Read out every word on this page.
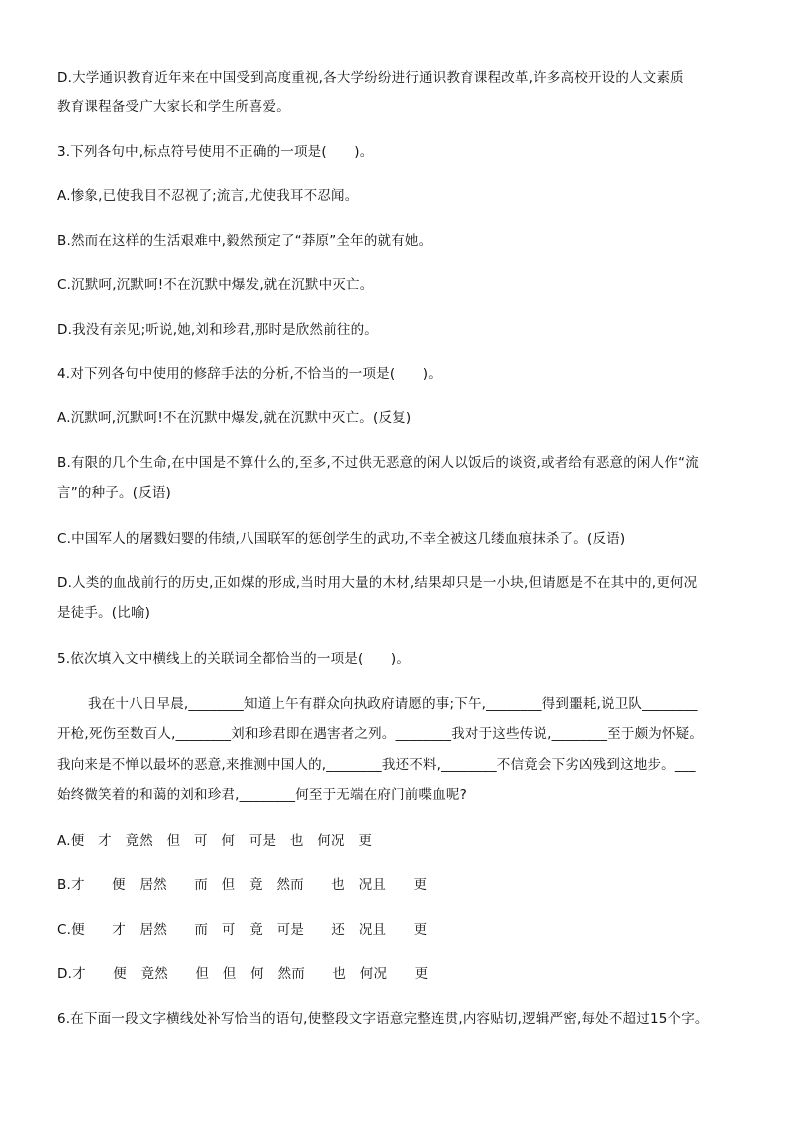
D.大学通识教育近年来在中国受到高度重视,各大学纷纷进行通识教育课程改革,许多高校开设的人文素质
教育课程备受广大家长和学生所喜爱。
3.下列各句中,标点符号使用不正确的一项是(　　)。
A.惨象,已使我目不忍视了;流言,尤使我耳不忍闻。
B.然而在这样的生活艰难中,毅然预定了“莽原”全年的就有她。
C.沉默呵,沉默呵!不在沉默中爆发,就在沉默中灭亡。
D.我没有亲见;听说,她,刘和珍君,那时是欣然前往的。
4.对下列各句中使用的修辞手法的分析,不恰当的一项是(　　)。
A.沉默呵,沉默呵!不在沉默中爆发,就在沉默中灭亡。(反复)
B.有限的几个生命,在中国是不算什么的,至多,不过供无恶意的闲人以饭后的谈资,或者给有恶意的闲人作“流
言”的种子。(反语)
C.中国军人的屠戮妇婴的伟绩,八国联军的惩创学生的武功,不幸全被这几缕血痕抹杀了。(反语)
D.人类的血战前行的历史,正如煤的形成,当时用大量的木材,结果却只是一小块,但请愿是不在其中的,更何况
是徒手。(比喻)
5.依次填入文中横线上的关联词全都恰当的一项是(　　)。
我在十八日早晨,________知道上午有群众向执政府请愿的事;下午,________得到噩耗,说卫队________
开枪,死伤至数百人,________刘和珍君即在遇害者之列。________我对于这些传说,________至于颇为怀疑。
我向来是不惮以最坏的恶意,来推测中国人的,________我还不料,________不信竟会下劣凶残到这地步。___
始终微笑着的和蔼的刘和珍君,________何至于无端在府门前喋血呢?
A.便　才　竟然　但　可　何　可是　也　何况　更
B.才　　便　居然　　而　但　竟　然而　　也　况且　　更
C.便　　才　居然　　而　可　竟　可是　　还　况且　　更
D.才　　便　竟然　　但　但　何　然而　　也　何况　　更
6.在下面一段文字横线处补写恰当的语句,使整段文字语意完整连贯,内容贴切,逻辑严密,每处不超过15个字。
